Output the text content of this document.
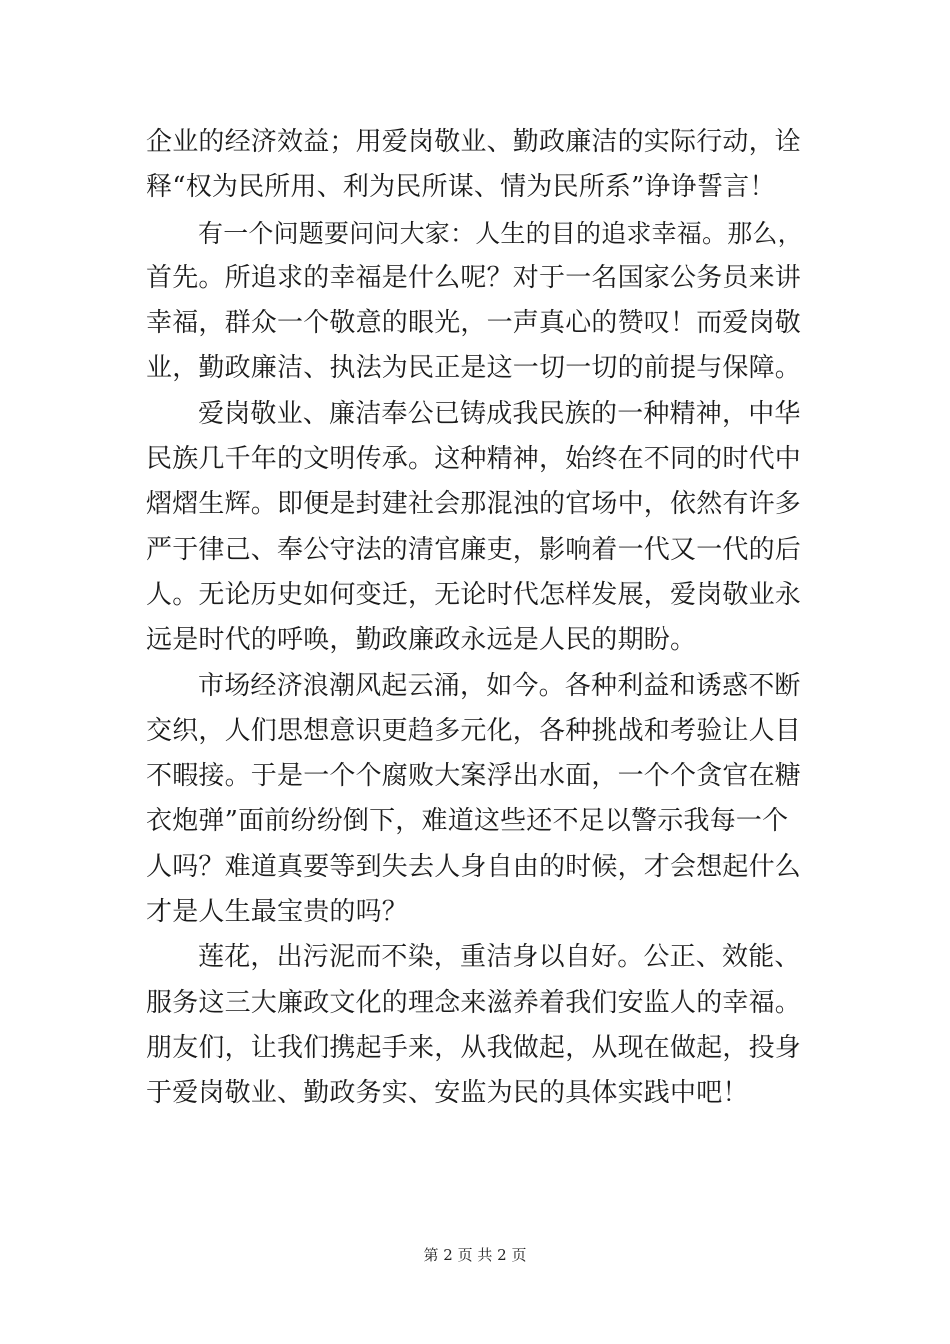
企业的经济效益；用爱岗敬业、勤政廉洁的实际行动，诠
释“权为民所用、利为民所谋、情为民所系”诤诤誓言！
有一个问题要问问大家：人生的目的追求幸福。那么，
首先。所追求的幸福是什么呢？对于一名国家公务员来讲
幸福，群众一个敬意的眼光，一声真心的赞叹！而爱岗敬
业，勤政廉洁、执法为民正是这一切一切的前提与保障。
爱岗敬业、廉洁奉公已铸成我民族的一种精神，中华
民族几千年的文明传承。这种精神，始终在不同的时代中
熠熠生辉。即便是封建社会那混浊的官场中，依然有许多
严于律己、奉公守法的清官廉吏，影响着一代又一代的后
人。无论历史如何变迁，无论时代怎样发展，爱岗敬业永
远是时代的呼唤，勤政廉政永远是人民的期盼。
市场经济浪潮风起云涌，如今。各种利益和诱惑不断
交织，人们思想意识更趋多元化，各种挑战和考验让人目
不暇接。于是一个个腐败大案浮出水面，一个个贪官在糖
衣炮弹”面前纷纷倒下，难道这些还不足以警示我每一个
人吗？难道真要等到失去人身自由的时候，才会想起什么
才是人生最宝贵的吗？
莲花，出污泥而不染，重洁身以自好。公正、效能、
服务这三大廉政文化的理念来滋养着我们安监人的幸福。
朋友们，让我们携起手来，从我做起，从现在做起，投身
于爱岗敬业、勤政务实、安监为民的具体实践中吧！
第 2 页 共 2 页
